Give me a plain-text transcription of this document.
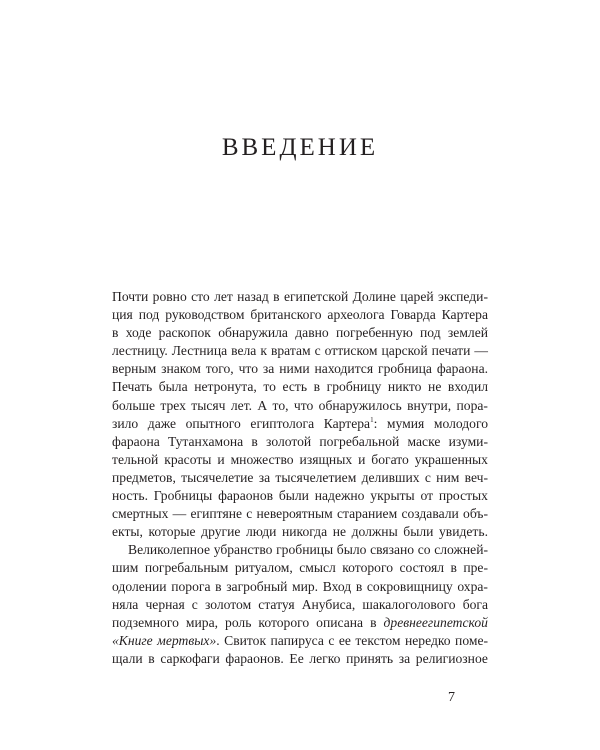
ВВЕДЕНИЕ
Почти ровно сто лет назад в египетской Долине царей экспеди-
ция под руководством британского археолога Говарда Картера
в ходе раскопок обнаружила давно погребенную под землей
лестницу. Лестница вела к вратам с оттиском царской печати —
верным знаком того, что за ними находится гробница фараона.
Печать была нетронута, то есть в гробницу никто не входил
больше трех тысяч лет. А то, что обнаружилось внутри, пора-
зило даже опытного египтолога Картера$^1$: мумия молодого
фараона Тутанхамона в золотой погребальной маске изуми-
тельной красоты и множество изящных и богато украшенных
предметов, тысячелетие за тысячелетием деливших с ним веч-
ность. Гробницы фараонов были надежно укрыты от простых
смертных — египтяне с невероятным старанием создавали объ-
екты, которые другие люди никогда не должны были увидеть.
Великолепное убранство гробницы было связано со сложней-
шим погребальным ритуалом, смысл которого состоял в пре-
одолении порога в загробный мир. Вход в сокровищницу охра-
няла черная с золотом статуя Анубиса, шакалоголового бога
подземного мира, роль которого описана в древнеегипетской
«Книге мертвых». Свиток папируса с ее текстом нередко поме-
щали в саркофаги фараонов. Ее легко принять за религиозное
7
